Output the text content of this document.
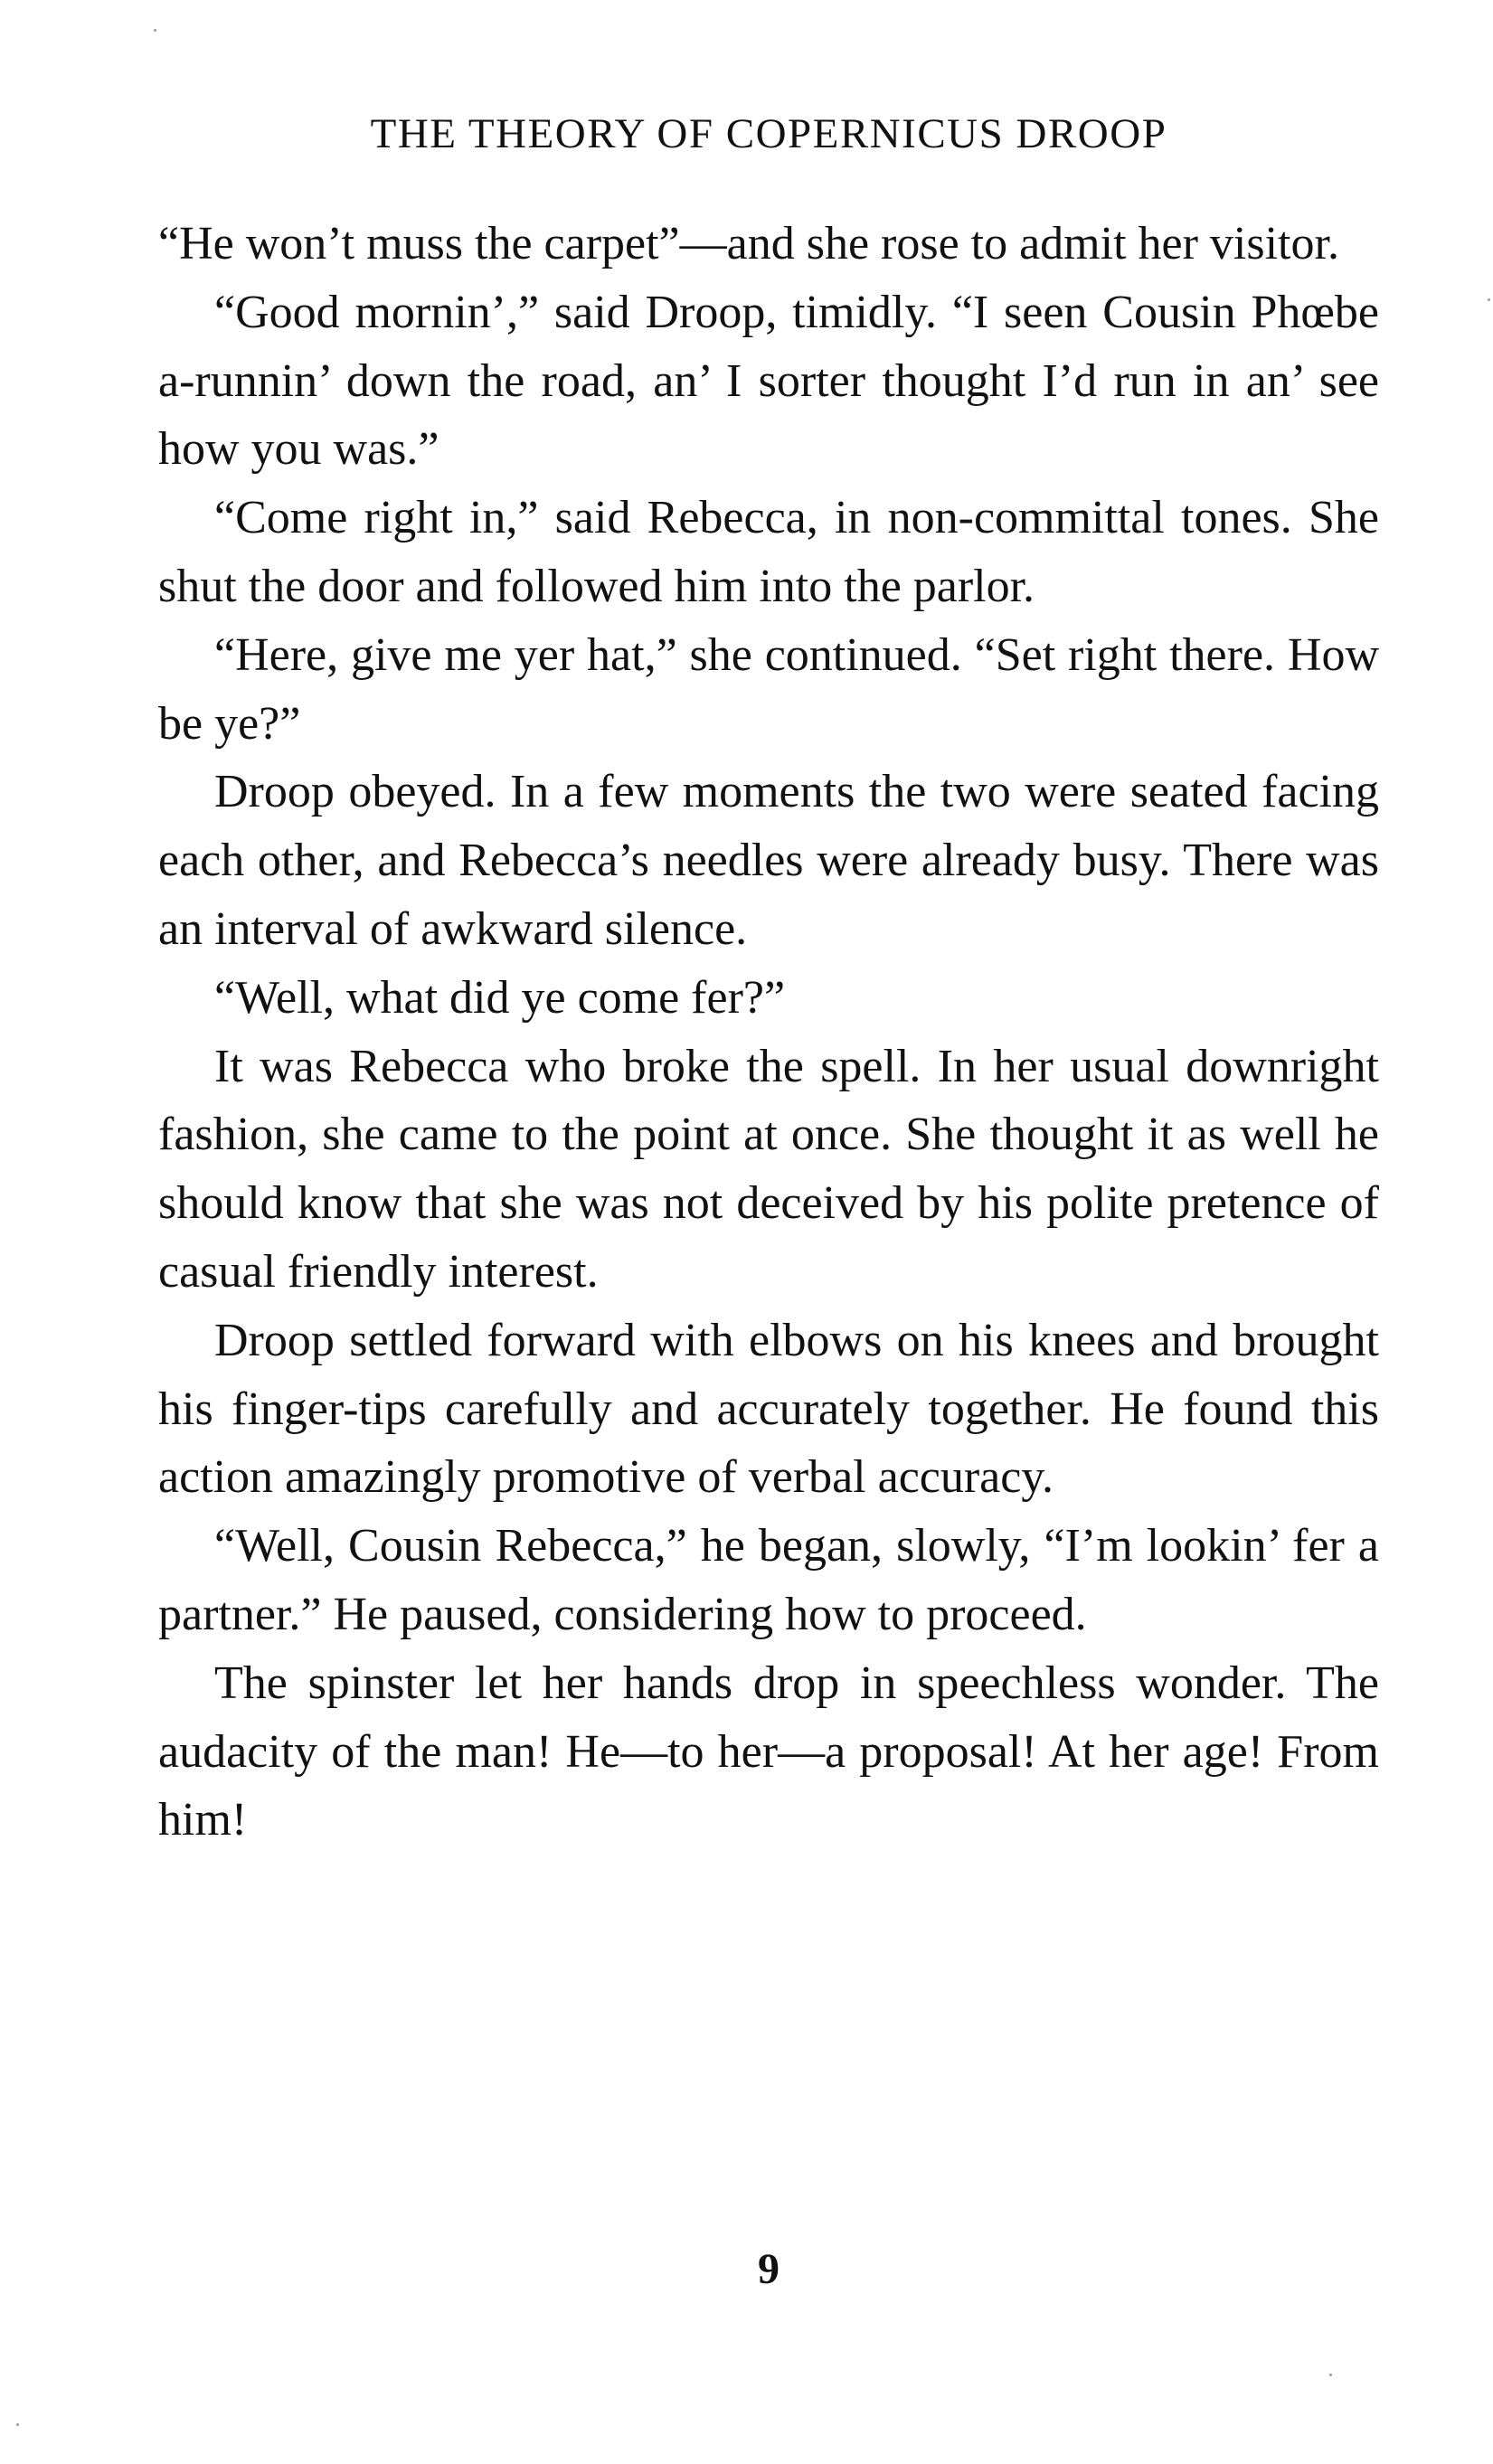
THE THEORY OF COPERNICUS DROOP

“He won’t muss the carpet”—and she rose to admit her visitor.

“Good mornin’,” said Droop, timidly. “I seen Cousin Phœbe a-runnin’ down the road, an’ I sorter thought I’d run in an’ see how you was.”

“Come right in,” said Rebecca, in non-committal tones. She shut the door and followed him into the parlor.

“Here, give me yer hat,” she continued. “Set right there. How be ye?”

Droop obeyed. In a few moments the two were seated facing each other, and Rebecca’s needles were already busy. There was an interval of awkward silence.

“Well, what did ye come fer?”

It was Rebecca who broke the spell. In her usual downright fashion, she came to the point at once. She thought it as well he should know that she was not deceived by his polite pretence of casual friendly interest.

Droop settled forward with elbows on his knees and brought his finger-tips carefully and accurately together. He found this action amazingly promotive of verbal accuracy.

“Well, Cousin Rebecca,” he began, slowly, “I’m lookin’ fer a partner.” He paused, considering how to proceed.

The spinster let her hands drop in speechless wonder. The audacity of the man! He—to her—a proposal! At her age! From him!

9
